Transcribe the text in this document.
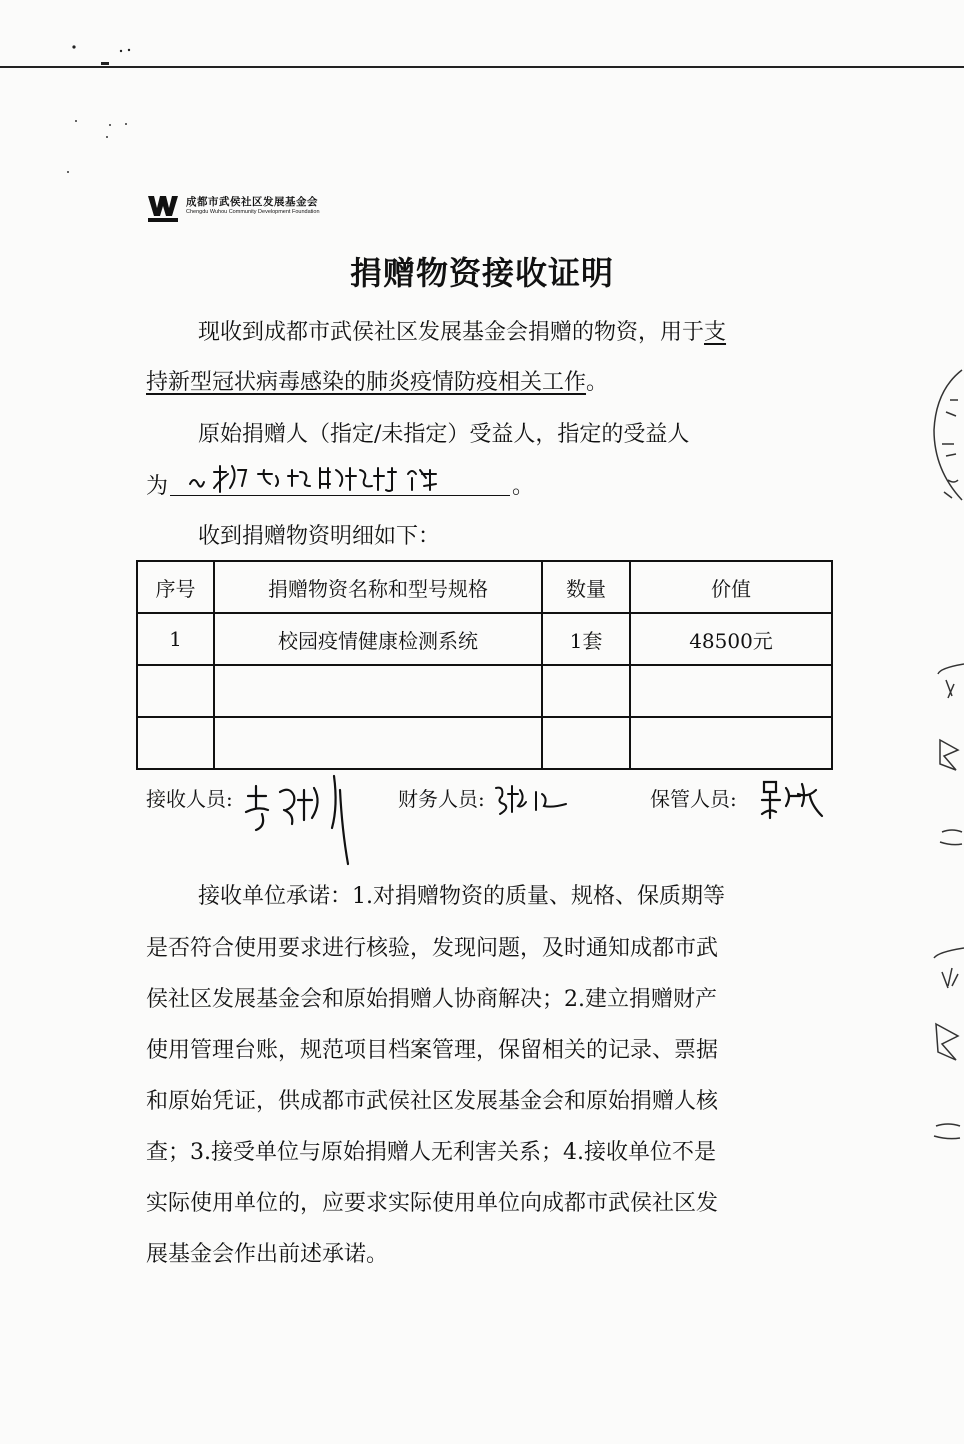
成都市武侯社区发展基金会
Chengdu Wuhou Community Development Foundation
捐赠物资接收证明
现收到成都市武侯社区发展基金会捐赠的物资，用于支
持新型冠状病毒感染的肺炎疫情防疫相关工作。
原始捐赠人（指定/未指定）受益人，指定的受益人
为	。
收到捐赠物资明细如下：
序号	捐赠物资名称和型号规格	数量	价值
1	校园疫情健康检测系统	1套	48500元

接收人员:	财务人员:	保管人员:
接收单位承诺：1.对捐赠物资的质量、规格、保质期等
是否符合使用要求进行核验，发现问题，及时通知成都市武
侯社区发展基金会和原始捐赠人协商解决；2.建立捐赠财产
使用管理台账，规范项目档案管理，保留相关的记录、票据
和原始凭证，供成都市武侯社区发展基金会和原始捐赠人核
查；3.接受单位与原始捐赠人无利害关系；4.接收单位不是
实际使用单位的，应要求实际使用单位向成都市武侯社区发
展基金会作出前述承诺。
